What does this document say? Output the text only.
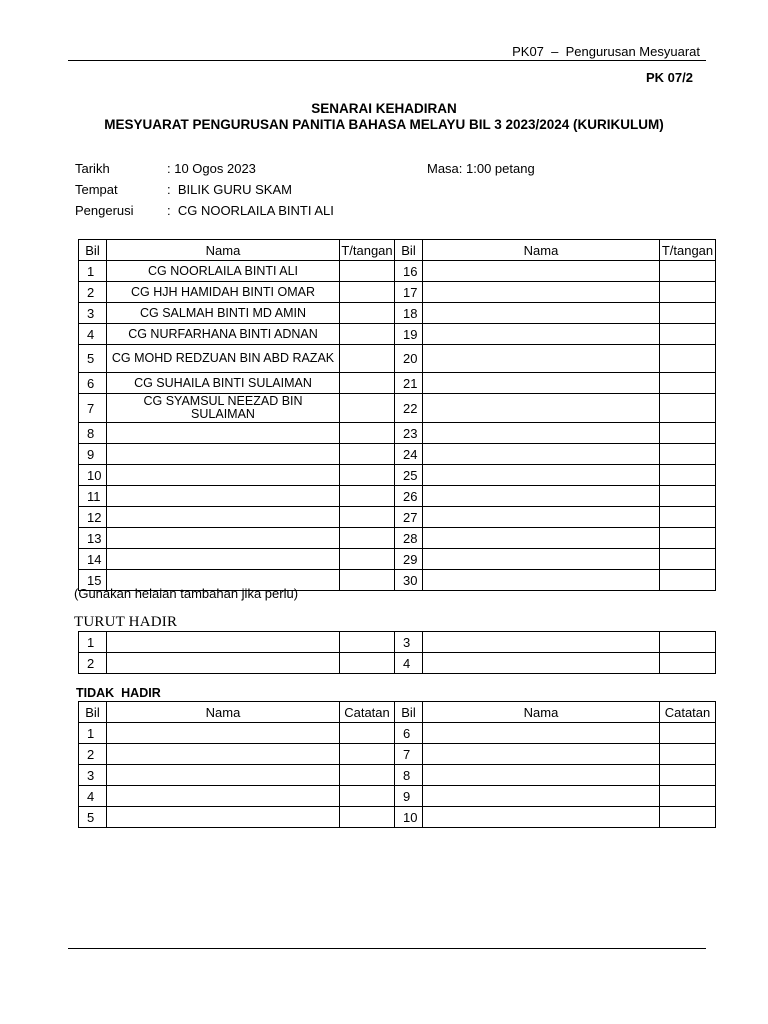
PK07  –  Pengurusan Mesyuarat
PK 07/2
SENARAI KEHADIRAN
MESYUARAT PENGURUSAN PANITIA BAHASA MELAYU BIL 3 2023/2024 (KURIKULUM)
Tarikh	: 10 Ogos 2023	Masa: 1:00 petang
Tempat	:  BILIK GURU SKAM
Pengerusi	:  CG NOORLAILA BINTI ALI
Bil	Nama	T/tangan	Bil	Nama	T/tangan
1	CG NOORLAILA BINTI ALI		16		
2	CG HJH HAMIDAH BINTI OMAR		17		
3	CG SALMAH BINTI MD AMIN		18		
4	CG NURFARHANA BINTI ADNAN		19		
5	CG MOHD REDZUAN BIN ABD RAZAK		20		
6	CG SUHAILA BINTI SULAIMAN		21		
7	CG SYAMSUL NEEZAD BIN SULAIMAN		22		
8			23		
9			24		
10			25		
11			26		
12			27		
13			28		
14			29		
15			30		
(Gunakan helaian tambahan jika perlu)
TURUT HADIR
1			3		
2			4		
TIDAK  HADIR
Bil	Nama	Catatan	Bil	Nama	Catatan
1			6		
2			7		
3			8		
4			9		
5			10		
